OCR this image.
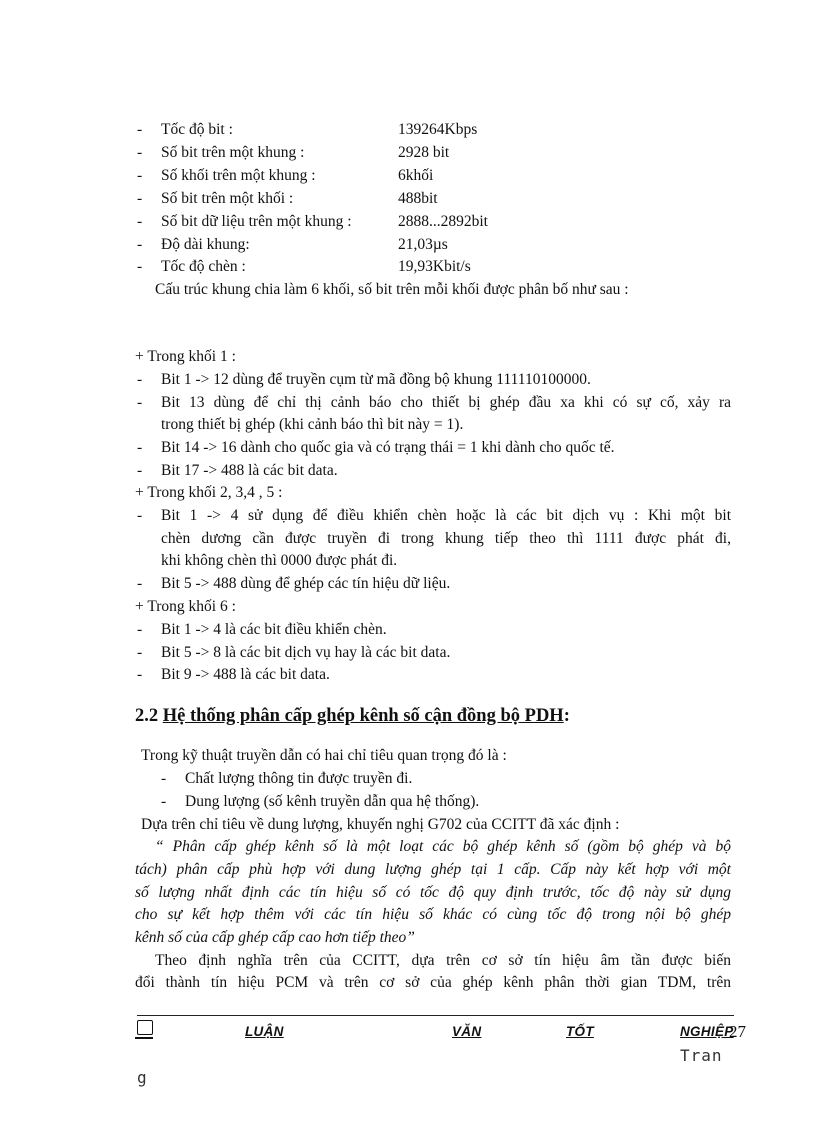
- Tốc độ bit :	139264Kbps
- Số bit trên một khung :	2928 bit
- Số khối trên một khung :	6khối
- Số bit trên một khối :	488bit
- Số bit dữ liệu trên một khung :	2888...2892bit
- Độ dài khung:	21,03µs
- Tốc độ chèn :	19,93Kbit/s
Cấu trúc khung chia làm 6 khối, số bit trên mỗi khối được phân bố như sau :
+ Trong khối 1 :
- Bit 1 -> 12 dùng để truyền cụm từ mã đồng bộ khung 111110100000.
- Bit 13 dùng để chỉ thị cảnh báo cho thiết bị ghép đầu xa khi có sự cố, xảy ra
trong thiết bị ghép (khi cảnh báo thì bit này = 1).
- Bit 14 -> 16 dành cho quốc gia và có trạng thái = 1 khi dành cho quốc tế.
- Bit 17 -> 488 là các bit data.
+ Trong khối 2, 3,4 , 5 :
- Bit 1 -> 4 sử dụng để điều khiển chèn hoặc là các bit dịch vụ : Khi một bit
chèn dương cần được truyền đi trong khung tiếp theo thì 1111 được phát đi,
khi không chèn thì 0000 được phát đi.
- Bit 5 -> 488 dùng để ghép các tín hiệu dữ liệu.
+ Trong khối 6 :
- Bit 1 -> 4 là các bit điều khiển chèn.
- Bit 5 -> 8 là các bit dịch vụ hay là các bit data.
- Bit 9 -> 488 là các bit data.
2.2 Hệ thống phân cấp ghép kênh số cận đồng bộ PDH:
Trong kỹ thuật truyền dẫn có hai chỉ tiêu quan trọng đó là :
- Chất lượng thông tin được truyền đi.
- Dung lượng (số kênh truyền dẫn qua hệ thống).
Dựa trên chỉ tiêu về dung lượng, khuyến nghị G702 của CCITT đã xác định :
“ Phân cấp ghép kênh số là một loạt các bộ ghép kênh số (gồm bộ ghép và bộ
tách) phân cấp phù hợp với dung lượng ghép tại 1 cấp. Cấp này kết hợp với một
số lượng nhất định các tín hiệu số có tốc độ quy định trước, tốc độ này sử dụng
cho sự kết hợp thêm với các tín hiệu số khác có cùng tốc độ trong nội bộ ghép
kênh số của cấp ghép cấp cao hơn tiếp theo”
Theo định nghĩa trên của CCITT, dựa trên cơ sở tín hiệu âm tần được biến
đổi thành tín hiệu PCM và trên cơ sở của ghép kênh phân thời gian TDM, trên
LUẬN	VĂN	TỐT	NGHIỆP
27
Tran
g
